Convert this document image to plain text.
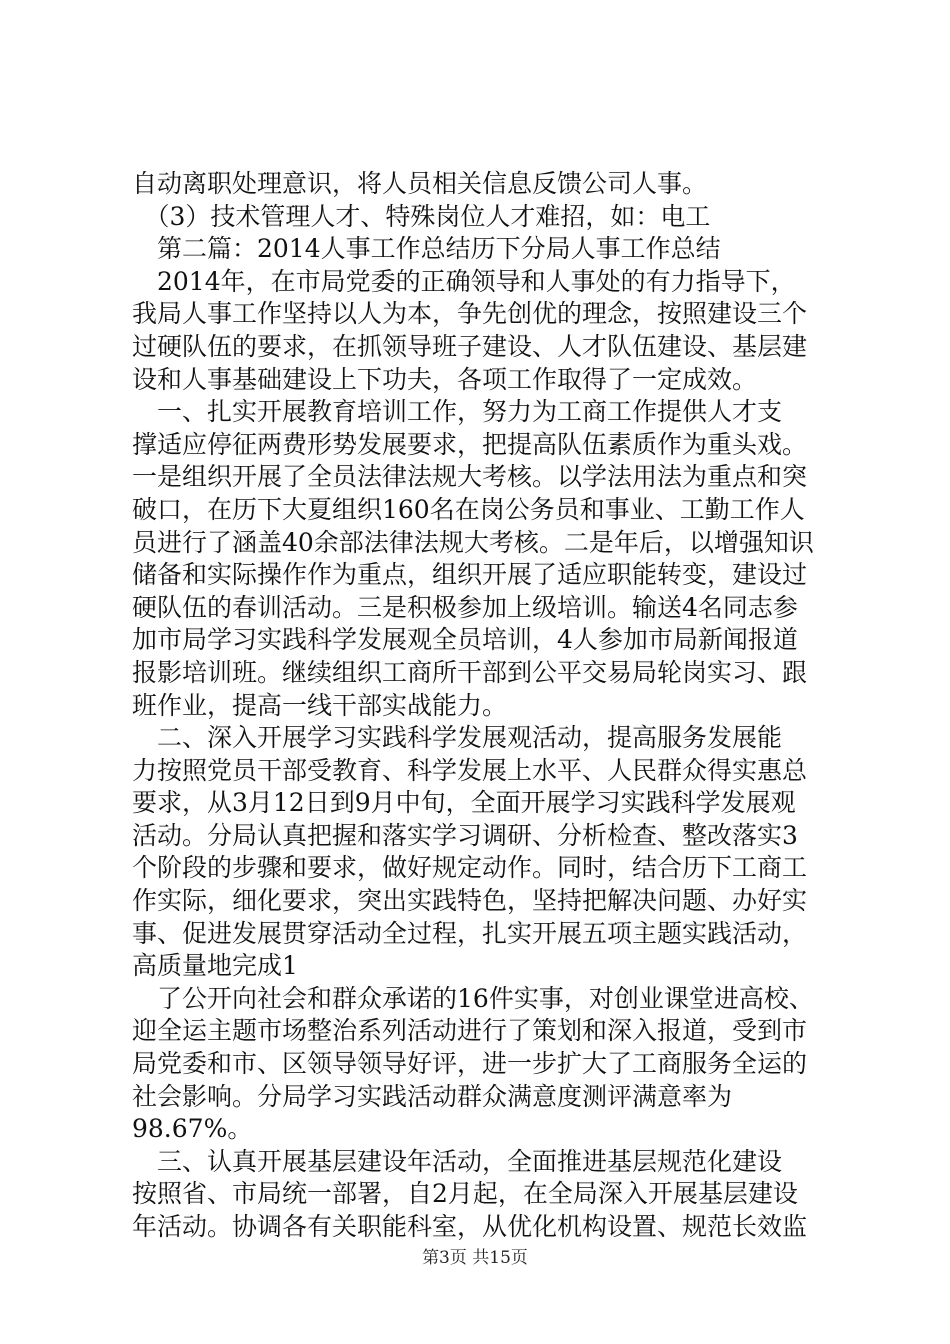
自动离职处理意识，将人员相关信息反馈公司人事。
　（3）技术管理人才、特殊岗位人才难招，如：电工
　第二篇：2014人事工作总结历下分局人事工作总结
　2014年，在市局党委的正确领导和人事处的有力指导下，
我局人事工作坚持以人为本，争先创优的理念，按照建设三个
过硬队伍的要求，在抓领导班子建设、人才队伍建设、基层建
设和人事基础建设上下功夫，各项工作取得了一定成效。
　一、扎实开展教育培训工作，努力为工商工作提供人才支
撑适应停征两费形势发展要求，把提高队伍素质作为重头戏。
一是组织开展了全员法律法规大考核。以学法用法为重点和突
破口，在历下大夏组织160名在岗公务员和事业、工勤工作人
员进行了涵盖40余部法律法规大考核。二是年后，以增强知识
储备和实际操作作为重点，组织开展了适应职能转变，建设过
硬队伍的春训活动。三是积极参加上级培训。输送4名同志参
加市局学习实践科学发展观全员培训，4人参加市局新闻报道
报影培训班。继续组织工商所干部到公平交易局轮岗实习、跟
班作业，提高一线干部实战能力。
　二、深入开展学习实践科学发展观活动，提高服务发展能
力按照党员干部受教育、科学发展上水平、人民群众得实惠总
要求，从3月12日到9月中旬，全面开展学习实践科学发展观
活动。分局认真把握和落实学习调研、分析检查、整改落实3
个阶段的步骤和要求，做好规定动作。同时，结合历下工商工
作实际，细化要求，突出实践特色，坚持把解决问题、办好实
事、促进发展贯穿活动全过程，扎实开展五项主题实践活动，
高质量地完成1
　了公开向社会和群众承诺的16件实事，对创业课堂进高校、
迎全运主题市场整治系列活动进行了策划和深入报道，受到市
局党委和市、区领导领导好评，进一步扩大了工商服务全运的
社会影响。分局学习实践活动群众满意度测评满意率为
98.67%。
　三、认真开展基层建设年活动，全面推进基层规范化建设
按照省、市局统一部署，自2月起，在全局深入开展基层建设
年活动。协调各有关职能科室，从优化机构设置、规范长效监
第3页 共15页
